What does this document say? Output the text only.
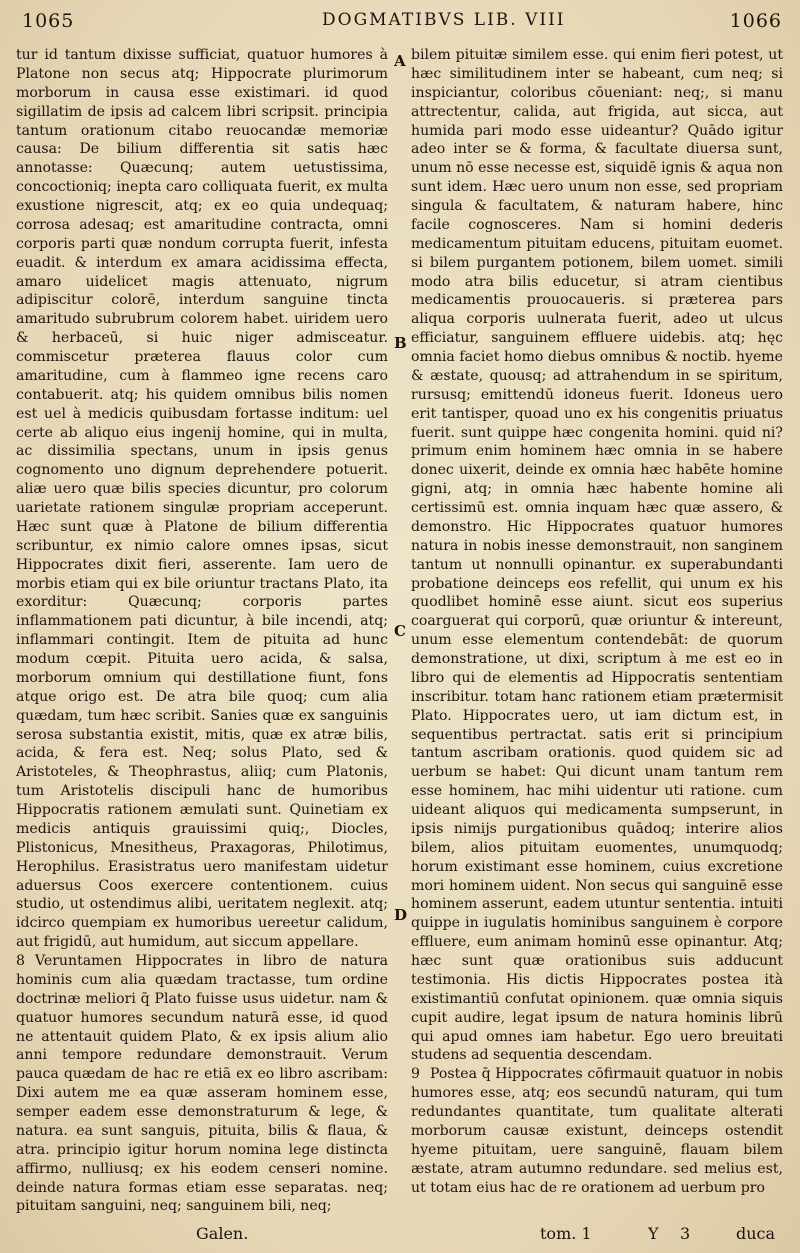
1065	DOGMATIBVS LIB. VIII	1066

tur id tantum dixisse sufficiat, quatuor humores à Platone non secus atq; Hippocrate plurimorum morborum in causa esse existimari. id quod sigillatim de ipsis ad calcem libri scripsit. principia tantum orationum citabo reuocandæ memoriæ causa: De bilium differentia sit satis hæc annotasse: Quæcunq; autem uetustissima, concoctioniq; inepta caro colliquata fuerit, ex multa exustione nigrescit, atq; ex eo quia undequaq; corrosa adesaq; est amaritudine contracta, omni corporis parti quæ nondum corrupta fuerit, infesta euadit. & interdum ex amara acidissima effecta, amaro uidelicet magis attenuato, nigrum adipiscitur colorē, interdum sanguine tincta amaritudo subrubrum colorem habet. uiridem uero & herbaceū, si huic niger admisceatur. commiscetur præterea flauus color cum amaritudine, cum à flammeo igne recens caro contabuerit. atq; his quidem omnibus bilis nomen est uel à medicis quibusdam fortasse inditum: uel certe ab aliquo eius ingenij homine, qui in multa, ac dissimilia spectans, unum in ipsis genus cognomento uno dignum deprehendere potuerit. aliæ uero quæ bilis species dicuntur, pro colorum uarietate rationem singulæ propriam acceperunt. Hæc sunt quæ à Platone de bilium differentia scribuntur, ex nimio calore omnes ipsas, sicut Hippocrates dixit fieri, asserente. Iam uero de morbis etiam qui ex bile oriuntur tractans Plato, ita exorditur: Quæcunq; corporis partes inflammationem pati dicuntur, à bile incendi, atq; inflammari contingit. Item de pituita ad hunc modum cœpit. Pituita uero acida, & salsa, morborum omnium qui destillatione fiunt, fons atque origo est. De atra bile quoq; cum alia quædam, tum hæc scribit. Sanies quæ ex sanguinis serosa substantia existit, mitis, quæ ex atræ bilis, acida, & fera est. Neq; solus Plato, sed & Aristoteles, & Theophrastus, aliiq; cum Platonis, tum Aristotelis discipuli hanc de humoribus Hippocratis rationem æmulati sunt. Quinetiam ex medicis antiquis grauissimi quiq;, Diocles, Plistonicus, Mnesitheus, Praxagoras, Philotimus, Herophilus. Erasistratus uero manifestam uidetur aduersus Coos exercere contentionem. cuius studio, ut ostendimus alibi, ueritatem neglexit. atq; idcirco quempiam ex humoribus uereetur calidum, aut frigidū, aut humidum, aut siccum appellare.

8 Veruntamen Hippocrates in libro de natura hominis cum alia quædam tractasse, tum ordine doctrinæ meliori q̄ Plato fuisse usus uidetur. nam & quatuor humores secundum naturā esse, id quod ne attentauit quidem Plato, & ex ipsis alium alio anni tempore redundare demonstrauit. Verum pauca quædam de hac re etiā ex eo libro ascribam: Dixi autem me ea quæ asseram hominem esse, semper eadem esse demonstraturum & lege, & natura. ea sunt sanguis, pituita, bilis & flaua, & atra. principio igitur horum nomina lege distincta affirmo, nulliusq; ex his eodem censeri nomine. deinde natura formas etiam esse separatas. neq; pituitam sanguini, neq; sanguinem bili, neq;

A
B
C
D

bilem pituitæ similem esse. qui enim fieri potest, ut hæc similitudinem inter se habeant, cum neq; si inspiciantur, coloribus cōueniant: neq;, si manu attrectentur, calida, aut frigida, aut sicca, aut humida pari modo esse uideantur? Quādo igitur adeo inter se & forma, & facultate diuersa sunt, unum nō esse necesse est, siquidē ignis & aqua non sunt idem. Hæc uero unum non esse, sed propriam singula & facultatem, & naturam habere, hinc facile cognosceres. Nam si homini dederis medicamentum pituitam educens, pituitam euomet. si bilem purgantem potionem, bilem uomet. simili modo atra bilis educetur, si atram cientibus medicamentis prouocaueris. si præterea pars aliqua corporis uulnerata fuerit, adeo ut ulcus efficiatur, sanguinem effluere uidebis. atq; hęc omnia faciet homo diebus omnibus & noctib. hyeme & æstate, quousq; ad attrahendum in se spiritum, rursusq; emittendū idoneus fuerit. Idoneus uero erit tantisper, quoad uno ex his congenitis priuatus fuerit. sunt quippe hæc congenita homini. quid ni? primum enim hominem hæc omnia in se habere donec uixerit, deinde ex omnia hæc habēte homine gigni, atq; in omnia hæc habente homine ali certissimū est. omnia inquam hæc quæ assero, & demonstro. Hic Hippocrates quatuor humores natura in nobis inesse demonstrauit, non sanginem tantum ut nonnulli opinantur. ex superabundanti probatione deinceps eos refellit, qui unum ex his quodlibet hominē esse aiunt. sicut eos superius coarguerat qui corporū, quæ oriuntur & intereunt, unum esse elementum contendebāt: de quorum demonstratione, ut dixi, scriptum à me est eo in libro qui de elementis ad Hippocratis sententiam inscribitur. totam hanc rationem etiam prætermisit Plato. Hippocrates uero, ut iam dictum est, in sequentibus pertractat. satis erit si principium tantum ascribam orationis. quod quidem sic ad uerbum se habet: Qui dicunt unam tantum rem esse hominem, hac mihi uidentur uti ratione. cum uideant aliquos qui medicamenta sumpserunt, in ipsis nimijs purgationibus quādoq; interire alios bilem, alios pituitam euomentes, unumquodq; horum existimant esse hominem, cuius excretione mori hominem uident. Non secus qui sanguinē esse hominem asserunt, eadem utuntur sententia. intuiti quippe in iugulatis hominibus sanguinem è corpore effluere, eum animam hominū esse opinantur. Atq; hæc sunt quæ orationibus suis adducunt testimonia. His dictis Hippocrates postea ità existimantiū confutat opinionem. quæ omnia siquis cupit audire, legat ipsum de natura hominis librū qui apud omnes iam habetur. Ego uero breuitati studens ad sequentia descendam.

9 Postea q̄ Hippocrates cōfirmauit quatuor in nobis humores esse, atq; eos secundū naturam, qui tum redundantes quantitate, tum qualitate alterati morborum causæ existunt, deinceps ostendit hyeme pituitam, uere sanguinē, flauam bilem æstate, atram autumno redundare. sed melius est, ut totam eius hac de re orationem ad uerbum pro

Galen.	tom. 1	Y 3	duca
